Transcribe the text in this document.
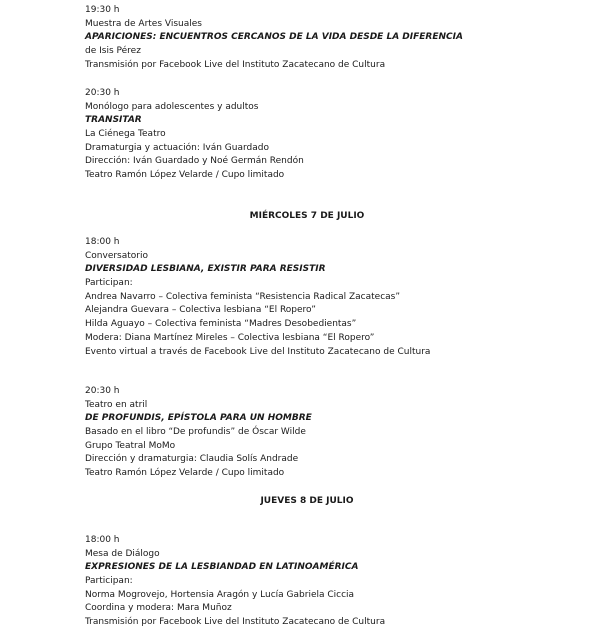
19:30 h
Muestra de Artes Visuales
APARICIONES: ENCUENTROS CERCANOS DE LA VIDA DESDE LA DIFERENCIA
de Isis Pérez
Transmisión por Facebook Live del Instituto Zacatecano de Cultura
20:30 h
Monólogo para adolescentes y adultos
TRANSITAR
La Ciénega Teatro
Dramaturgia y actuación: Iván Guardado
Dirección: Iván Guardado y Noé Germán Rendón
Teatro Ramón López Velarde / Cupo limitado
MIÉRCOLES 7 DE JULIO
18:00 h
Conversatorio
DIVERSIDAD LESBIANA, EXISTIR PARA RESISTIR
Participan:
Andrea Navarro – Colectiva feminista “Resistencia Radical Zacatecas”
Alejandra Guevara – Colectiva lesbiana “El Ropero”
Hilda Aguayo – Colectiva feminista “Madres Desobedientas”
Modera: Diana Martínez Mireles – Colectiva lesbiana “El Ropero”
Evento virtual a través de Facebook Live del Instituto Zacatecano de Cultura
20:30 h
Teatro en atril
DE PROFUNDIS, EPÍSTOLA PARA UN HOMBRE
Basado en el libro “De profundis” de Óscar Wilde
Grupo Teatral MoMo
Dirección y dramaturgia: Claudia Solís Andrade
Teatro Ramón López Velarde / Cupo limitado
JUEVES 8 DE JULIO
18:00 h
Mesa de Diálogo
EXPRESIONES DE LA LESBIANDAD EN LATINOAMÉRICA
Participan:
Norma Mogrovejo, Hortensia Aragón y Lucía Gabriela Ciccia
Coordina y modera: Mara Muñoz
Transmisión por Facebook Live del Instituto Zacatecano de Cultura
